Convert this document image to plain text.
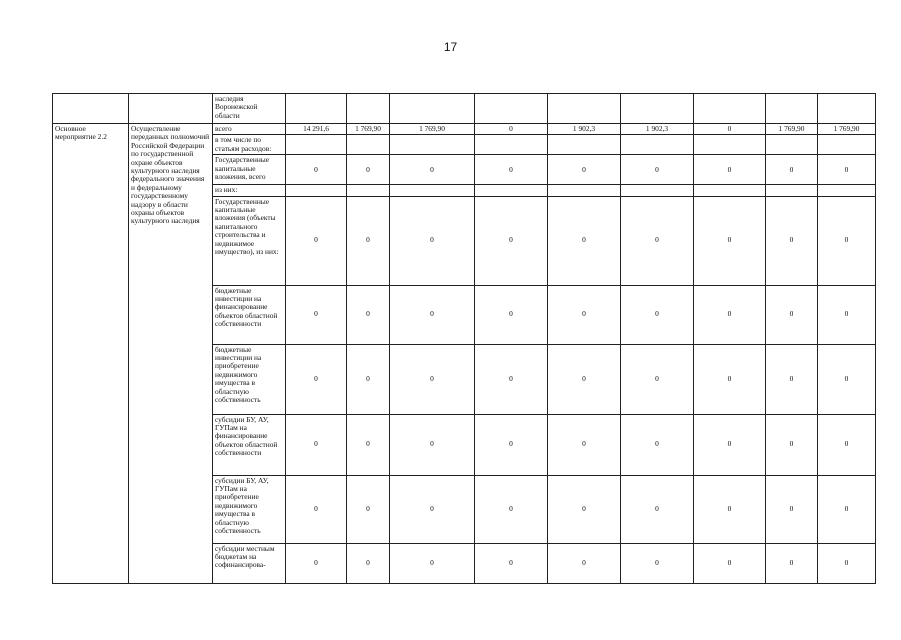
17
		наследия Воронежской области									
Основное мероприятие 2.2	Осуществление переданных полномочий Российской Федерации по государственной охране объектов культурного наследия федерального значения и федеральному государственному надзору в области охраны объектов культурного наследия	всего	14 291,6	1 769,90	1 769,90	0	1 902,3	1 902,3	0	1 769,90	1 769,90
		в том числе по статьям расходов:									
		Государственные капитальные вложения, всего	0	0	0	0	0	0	0	0	0
		из них:									
		Государственные капитальные вложения (объекты капитального строительства и недвижимое имущество), из них:	0	0	0	0	0	0	0	0	0
		бюджетные инвестиции на финансирование объектов областной собственности	0	0	0	0	0	0	0	0	0
		бюджетные инвестиции на приобретение недвижимого имущества в областную собственность	0	0	0	0	0	0	0	0	0
		субсидии БУ, АУ, ГУПам на финансирование объектов областной собственности	0	0	0	0	0	0	0	0	0
		субсидии БУ, АУ, ГУПам на приобретение недвижимого имущества в областную собственность	0	0	0	0	0	0	0	0	0
		субсидии местным бюджетам на софинансирова-	0	0	0	0	0	0	0	0	0
